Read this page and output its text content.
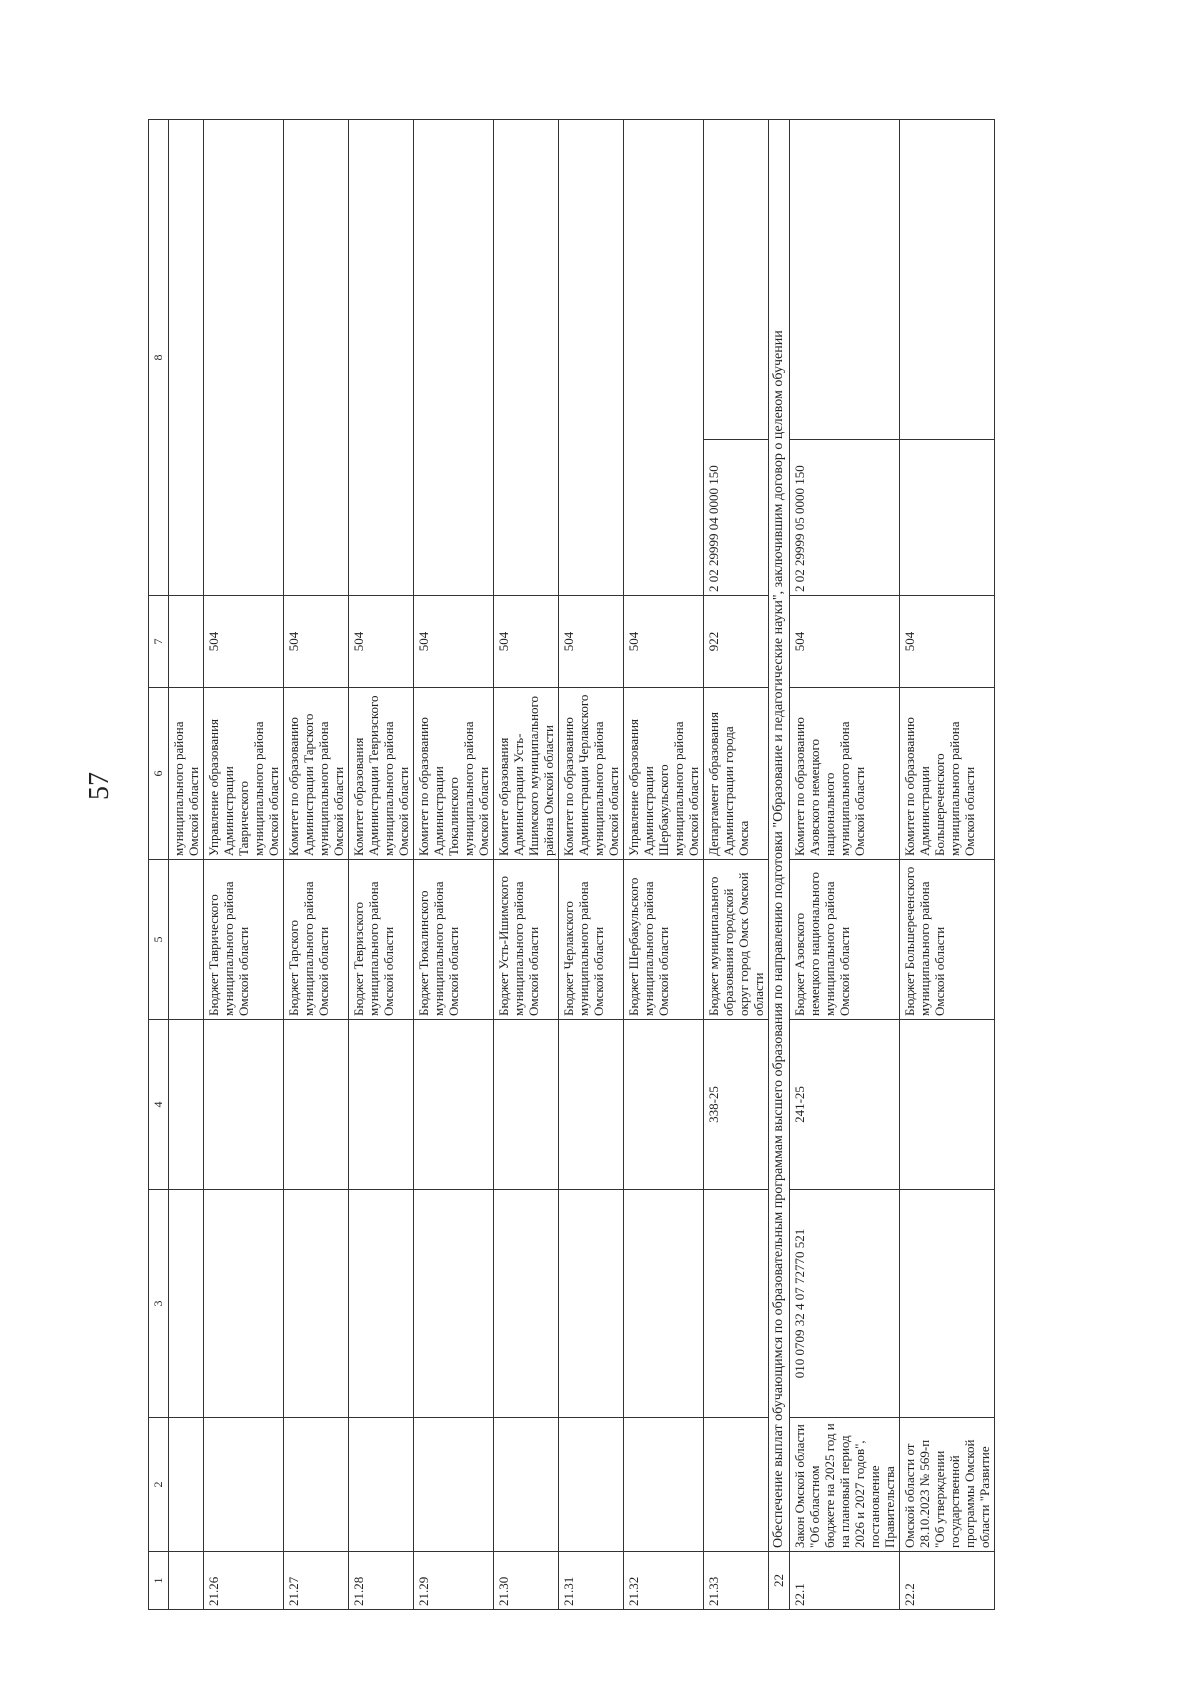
57
1	2	3	4	5	6	7	8	
					муниципального района Омской области			
21.26				Бюджет Таврического муниципального района Омской области	Управление образования Администрации Таврического муниципального района Омской области	504		
21.27				Бюджет Тарского муниципального района Омской области	Комитет по образованию Администрации Тарского муниципального района Омской области	504		
21.28				Бюджет Тевризского муниципального района Омской области	Комитет образования Администрации Тевризского муниципального района Омской области	504		
21.29				Бюджет Тюкалинского муниципального района Омской области	Комитет по образованию Администрации Тюкалинского муниципального района Омской области	504		
21.30				Бюджет Усть-Ишимского муниципального района Омской области	Комитет образования Администрации Усть-Ишимского муниципального района Омской области	504		
21.31				Бюджет Черлакского муниципального района Омской области	Комитет по образованию Администрации Черлакского муниципального района Омской области	504		
21.32				Бюджет Шербакульского муниципального района Омской области	Управление образования Администрации Шербакульского муниципального района Омской области	504		
21.33			338-25	Бюджет муниципального образования городской округ город Омск Омской области	Департамент образования Администрации города Омска	922	2 02 29999 04 0000 150	
22	Обеспечение выплат обучающимся по образовательным программам высшего образования по направлению подготовки "Образование и педагогические науки", заключившим договор о целевом обучении							
22.1	Закон Омской области "Об областном бюджете на 2025 год и на плановый период 2026 и 2027 годов", постановление Правительства	010 0709 32 4 07 72770 521	241-25	Бюджет Азовского немецкого национального муниципального района Омской области	Комитет по образованию Азовского немецкого национального муниципального района Омской области	504	2 02 29999 05 0000 150	
22.2	Омской области от 28.10.2023 № 569-п "Об утверждении государственной программы Омской области "Развитие			Бюджет Большереченского муниципального района Омской области	Комитет по образованию Администрации Большереченского муниципального района Омской области	504		
